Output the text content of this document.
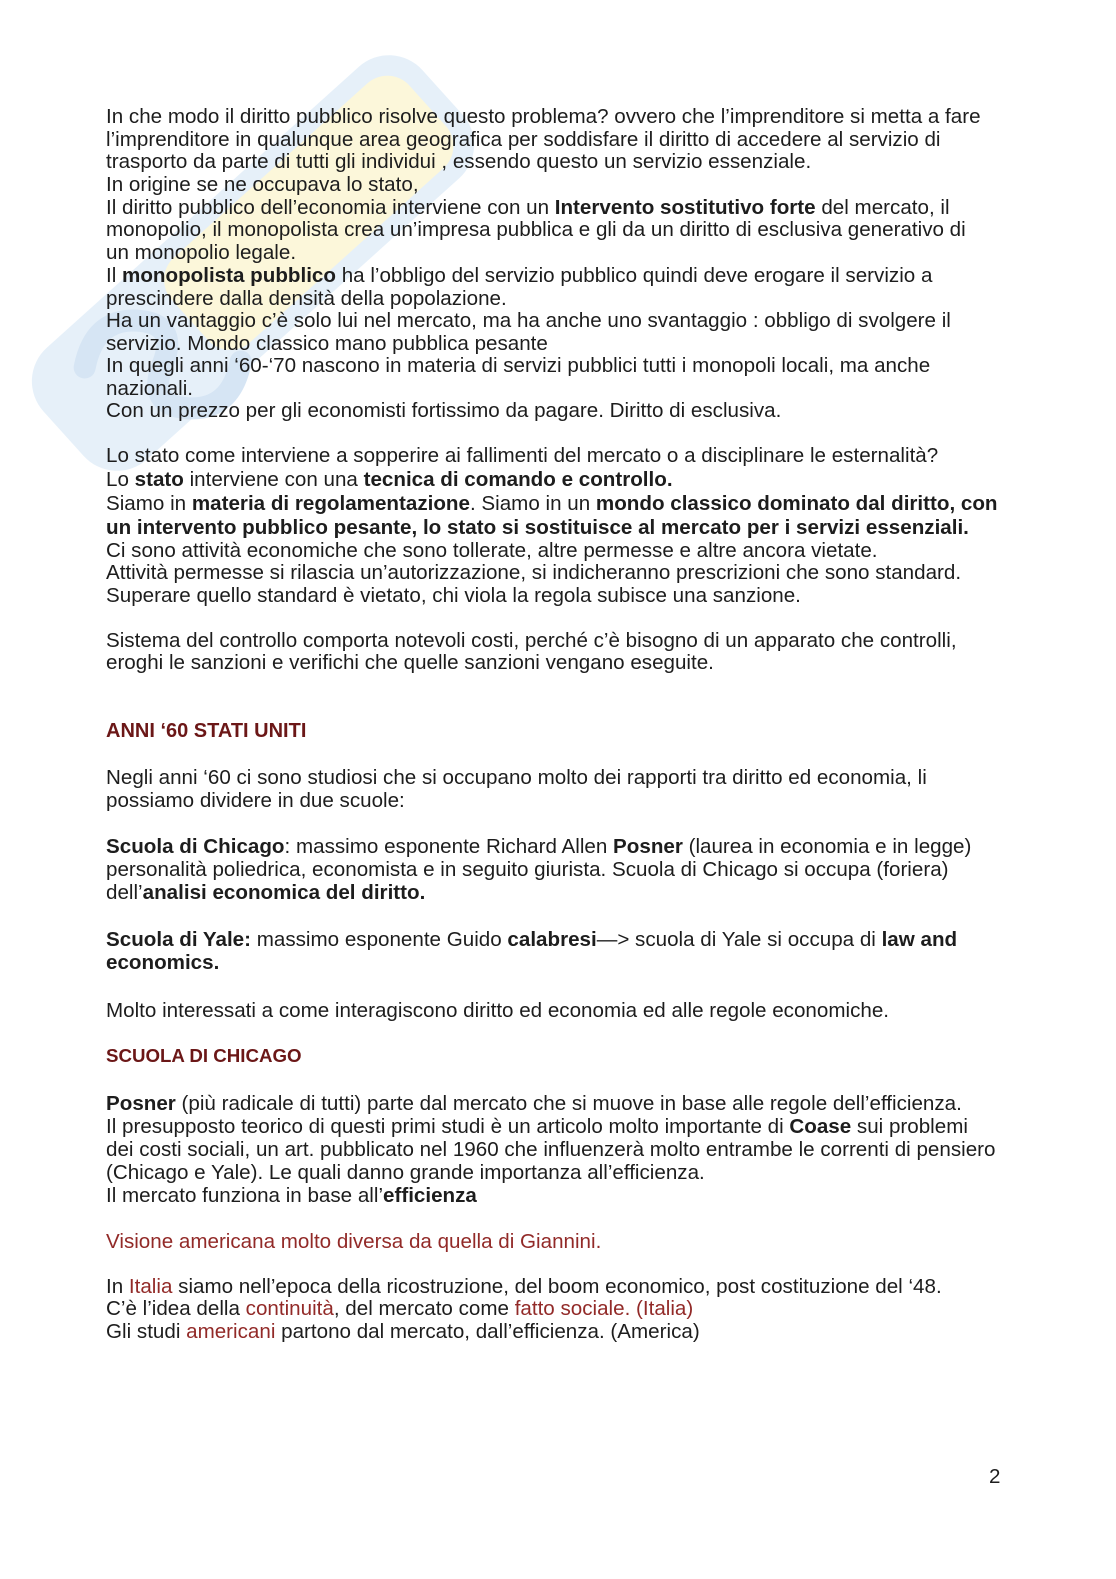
In che modo il diritto pubblico risolve questo problema? ovvero che l’imprenditore si metta a fare
l’imprenditore in qualunque area geografica per soddisfare il diritto di accedere al servizio di
trasporto da parte di tutti gli individui , essendo questo un servizio essenziale.
In origine se ne occupava lo stato,
Il diritto pubblico dell’economia interviene con un Intervento sostitutivo forte del mercato, il
monopolio, il monopolista crea un’impresa pubblica e gli da un diritto di esclusiva generativo di
un monopolio legale.
Il monopolista pubblico ha l’obbligo del servizio pubblico quindi deve erogare il servizio a
prescindere dalla densità della popolazione.
Ha un vantaggio c’è solo lui nel mercato, ma ha anche uno svantaggio : obbligo di svolgere il
servizio. Mondo classico mano pubblica pesante
In quegli anni ‘60-‘70 nascono in materia di servizi pubblici tutti i monopoli locali, ma anche
nazionali.
Con un prezzo per gli economisti fortissimo da pagare. Diritto di esclusiva.
Lo stato come interviene a sopperire ai fallimenti del mercato o a disciplinare le esternalità?
Lo stato interviene con una tecnica di comando e controllo.
Siamo in materia di regolamentazione. Siamo in un mondo classico dominato dal diritto, con
un intervento pubblico pesante, lo stato si sostituisce al mercato per i servizi essenziali.
Ci sono attività economiche che sono tollerate, altre permesse e altre ancora vietate.
Attività permesse si rilascia un’autorizzazione, si indicheranno prescrizioni che sono standard.
Superare quello standard è vietato, chi viola la regola subisce una sanzione.
Sistema del controllo comporta notevoli costi, perché c’è bisogno di un apparato che controlli,
eroghi le sanzioni e verifichi che quelle sanzioni vengano eseguite.
ANNI ‘60 STATI UNITI
Negli anni ‘60 ci sono studiosi che si occupano molto dei rapporti tra diritto ed economia, li
possiamo dividere in due scuole:
Scuola di Chicago: massimo esponente Richard Allen Posner (laurea in economia e in legge)
personalità poliedrica, economista e in seguito giurista. Scuola di Chicago si occupa (foriera)
dell’analisi economica del diritto.
Scuola di Yale: massimo esponente Guido calabresi—> scuola di Yale si occupa di law and
economics.
Molto interessati a come interagiscono diritto ed economia ed alle regole economiche.
SCUOLA DI CHICAGO
Posner (più radicale di tutti) parte dal mercato che si muove in base alle regole dell’efficienza.
Il presupposto teorico di questi primi studi è un articolo molto importante di Coase sui problemi
dei costi sociali, un art. pubblicato nel 1960 che influenzerà molto entrambe le correnti di pensiero
(Chicago e Yale). Le quali danno grande importanza all’efficienza.
Il mercato funziona in base all’efficienza
Visione americana molto diversa da quella di Giannini.
In Italia siamo nell’epoca della ricostruzione, del boom economico, post costituzione del ‘48.
C’è l’idea della continuità, del mercato come fatto sociale. (Italia)
Gli studi americani partono dal mercato, dall’efficienza. (America)
2
